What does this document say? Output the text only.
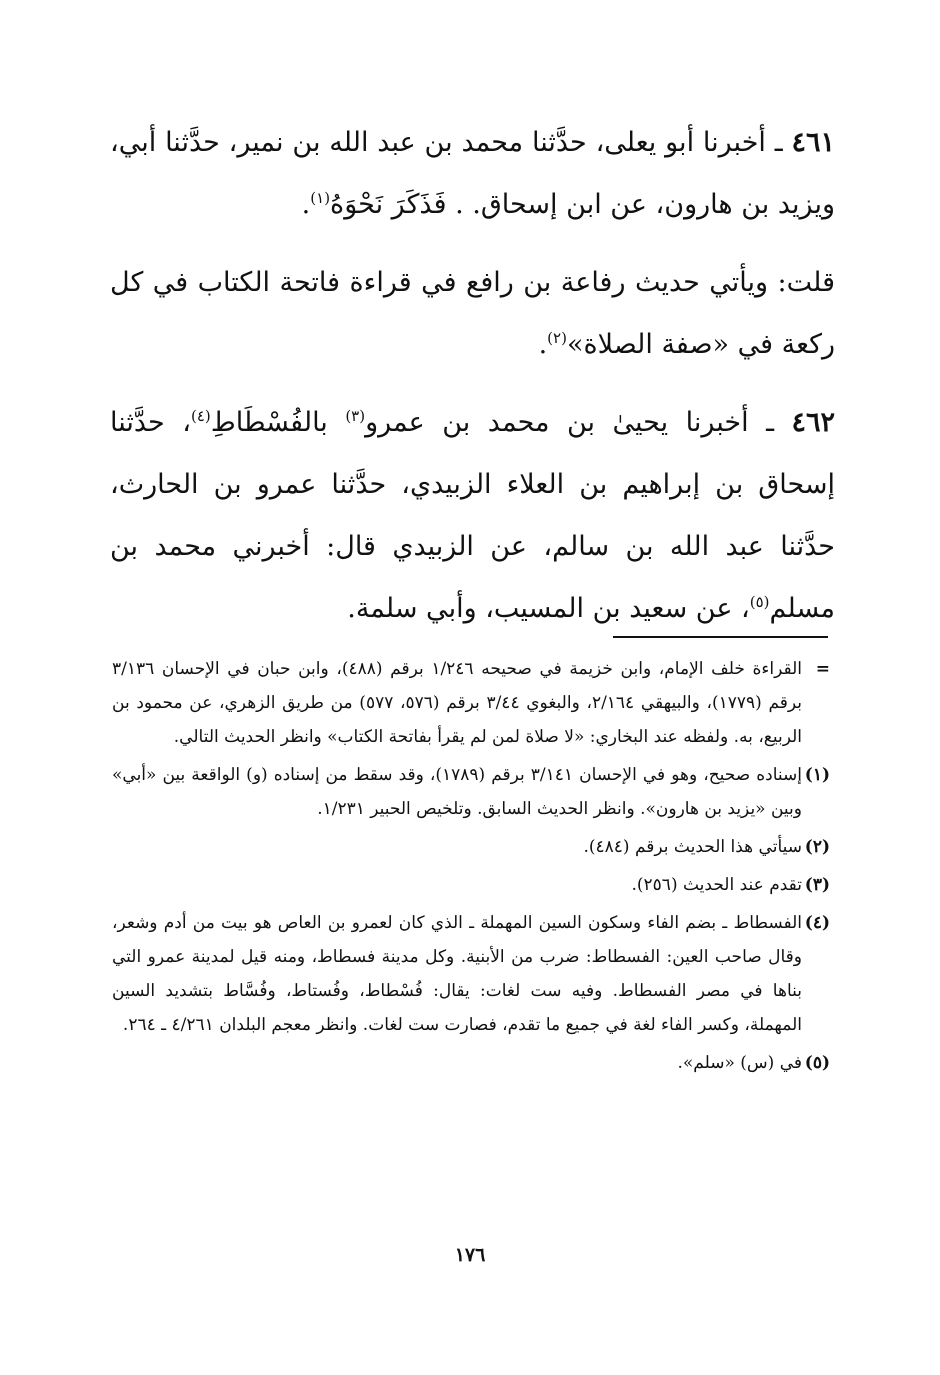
٤٦١ ـ أخبرنا أبو يعلى، حدَّثنا محمد بن عبد الله بن نمير، حدَّثنا أبي، ويزيد بن هارون، عن ابن إسحاق. . فَذَكَرَ نَحْوَهُ$^{(١)}$.

قلت: ويأتي حديث رفاعة بن رافع في قراءة فاتحة الكتاب في كل ركعة في «صفة الصلاة»$^{(٢)}$.

٤٦٢ ـ أخبرنا يحيىٰ بن محمد بن عمرو$^{(٣)}$ بالفُسْطَاطِ$^{(٤)}$، حدَّثنا إسحاق بن إبراهيم بن العلاء الزبيدي، حدَّثنا عمرو بن الحارث، حدَّثنا عبد الله بن سالم، عن الزبيدي قال: أخبرني محمد بن مسلم$^{(٥)}$، عن سعيد بن المسيب، وأبي سلمة.

=
القراءة خلف الإمام، وابن خزيمة في صحيحه ١/٢٤٦ برقم (٤٨٨)، وابن حبان في الإحسان ٣/١٣٦ برقم (١٧٧٩)، والبيهقي ٢/١٦٤، والبغوي ٣/٤٤ برقم (٥٧٦، ٥٧٧) من طريق الزهري، عن محمود بن الربيع، به. ولفظه عند البخاري: «لا صلاة لمن لم يقرأ بفاتحة الكتاب» وانظر الحديث التالي.
(١)
إسناده صحيح، وهو في الإحسان ٣/١٤١ برقم (١٧٨٩)، وقد سقط من إسناده (و) الواقعة بين «أبي» وبين «يزيد بن هارون». وانظر الحديث السابق. وتلخيص الحبير ١/٢٣١.
(٢)
سيأتي هذا الحديث برقم (٤٨٤).
(٣)
تقدم عند الحديث (٢٥٦).
(٤)
الفسطاط ـ بضم الفاء وسكون السين المهملة ـ الذي كان لعمرو بن العاص هو بيت من أدم وشعر، وقال صاحب العين: الفسطاط: ضرب من الأبنية. وكل مدينة فسطاط، ومنه قيل لمدينة عمرو التي بناها في مصر الفسطاط. وفيه ست لغات: يقال: فُسْطاط، وفُستاط، وفُسَّاط بتشديد السين المهملة، وكسر الفاء لغة في جميع ما تقدم، فصارت ست لغات. وانظر معجم البلدان ٤/٢٦١ ـ ٢٦٤.
(٥)
في (س) «سلم».
١٧٦
